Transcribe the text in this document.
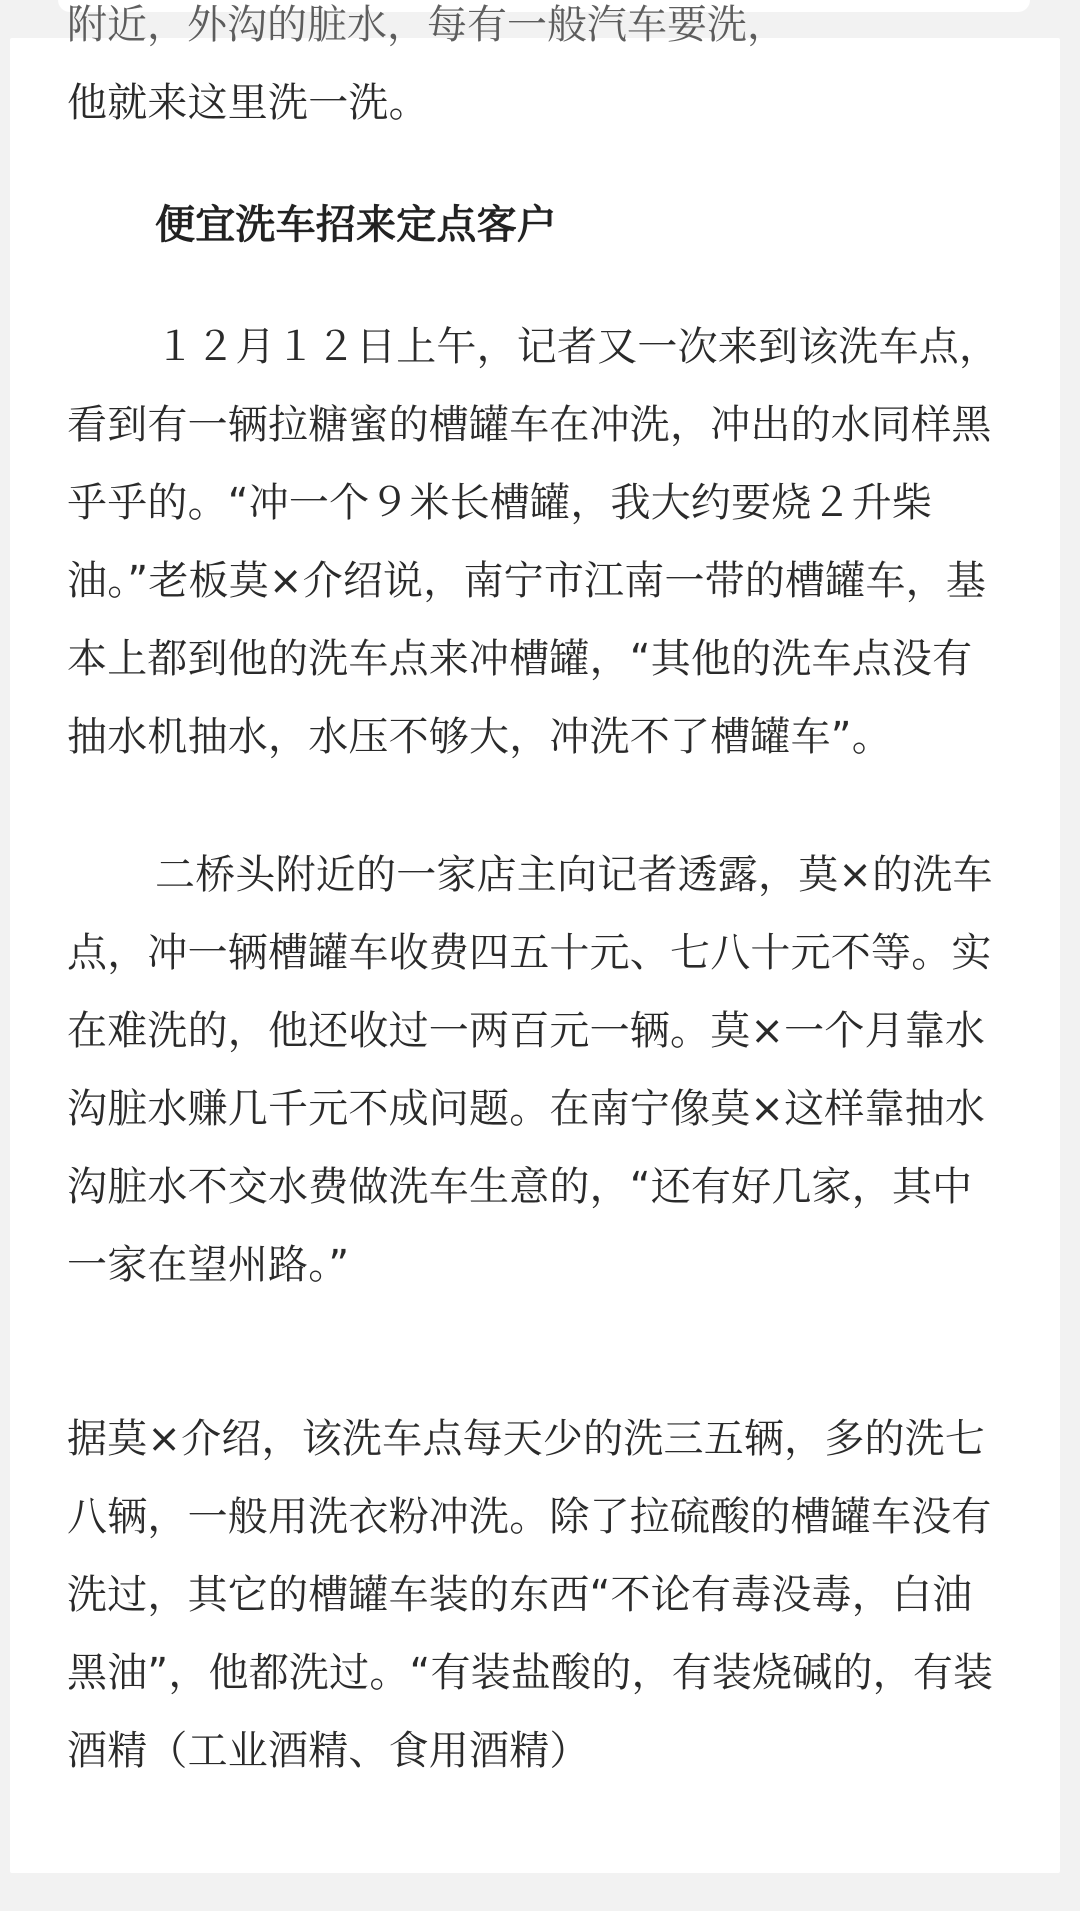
附近，外沟的脏水，每有一般汽车要洗，

他就来这里洗一洗。

便宜洗车招来定点客户

１２月１２日上午，记者又一次来到该洗车点，看到有一辆拉糖蜜的槽罐车在冲洗，冲出的水同样黑乎乎的。“冲一个９米长槽罐，我大约要烧２升柴油。”老板莫×介绍说，南宁市江南一带的槽罐车，基本上都到他的洗车点来冲槽罐，“其他的洗车点没有抽水机抽水，水压不够大，冲洗不了槽罐车”。

二桥头附近的一家店主向记者透露，莫×的洗车点，冲一辆槽罐车收费四五十元、七八十元不等。实在难洗的，他还收过一两百元一辆。莫×一个月靠水沟脏水赚几千元不成问题。在南宁像莫×这样靠抽水沟脏水不交水费做洗车生意的，“还有好几家，其中一家在望州路。”

据莫×介绍，该洗车点每天少的洗三五辆，多的洗七八辆，一般用洗衣粉冲洗。除了拉硫酸的槽罐车没有洗过，其它的槽罐车装的东西“不论有毒没毒，白油黑油”，他都洗过。“有装盐酸的，有装烧碱的，有装酒精（工业酒精、食用酒精）
